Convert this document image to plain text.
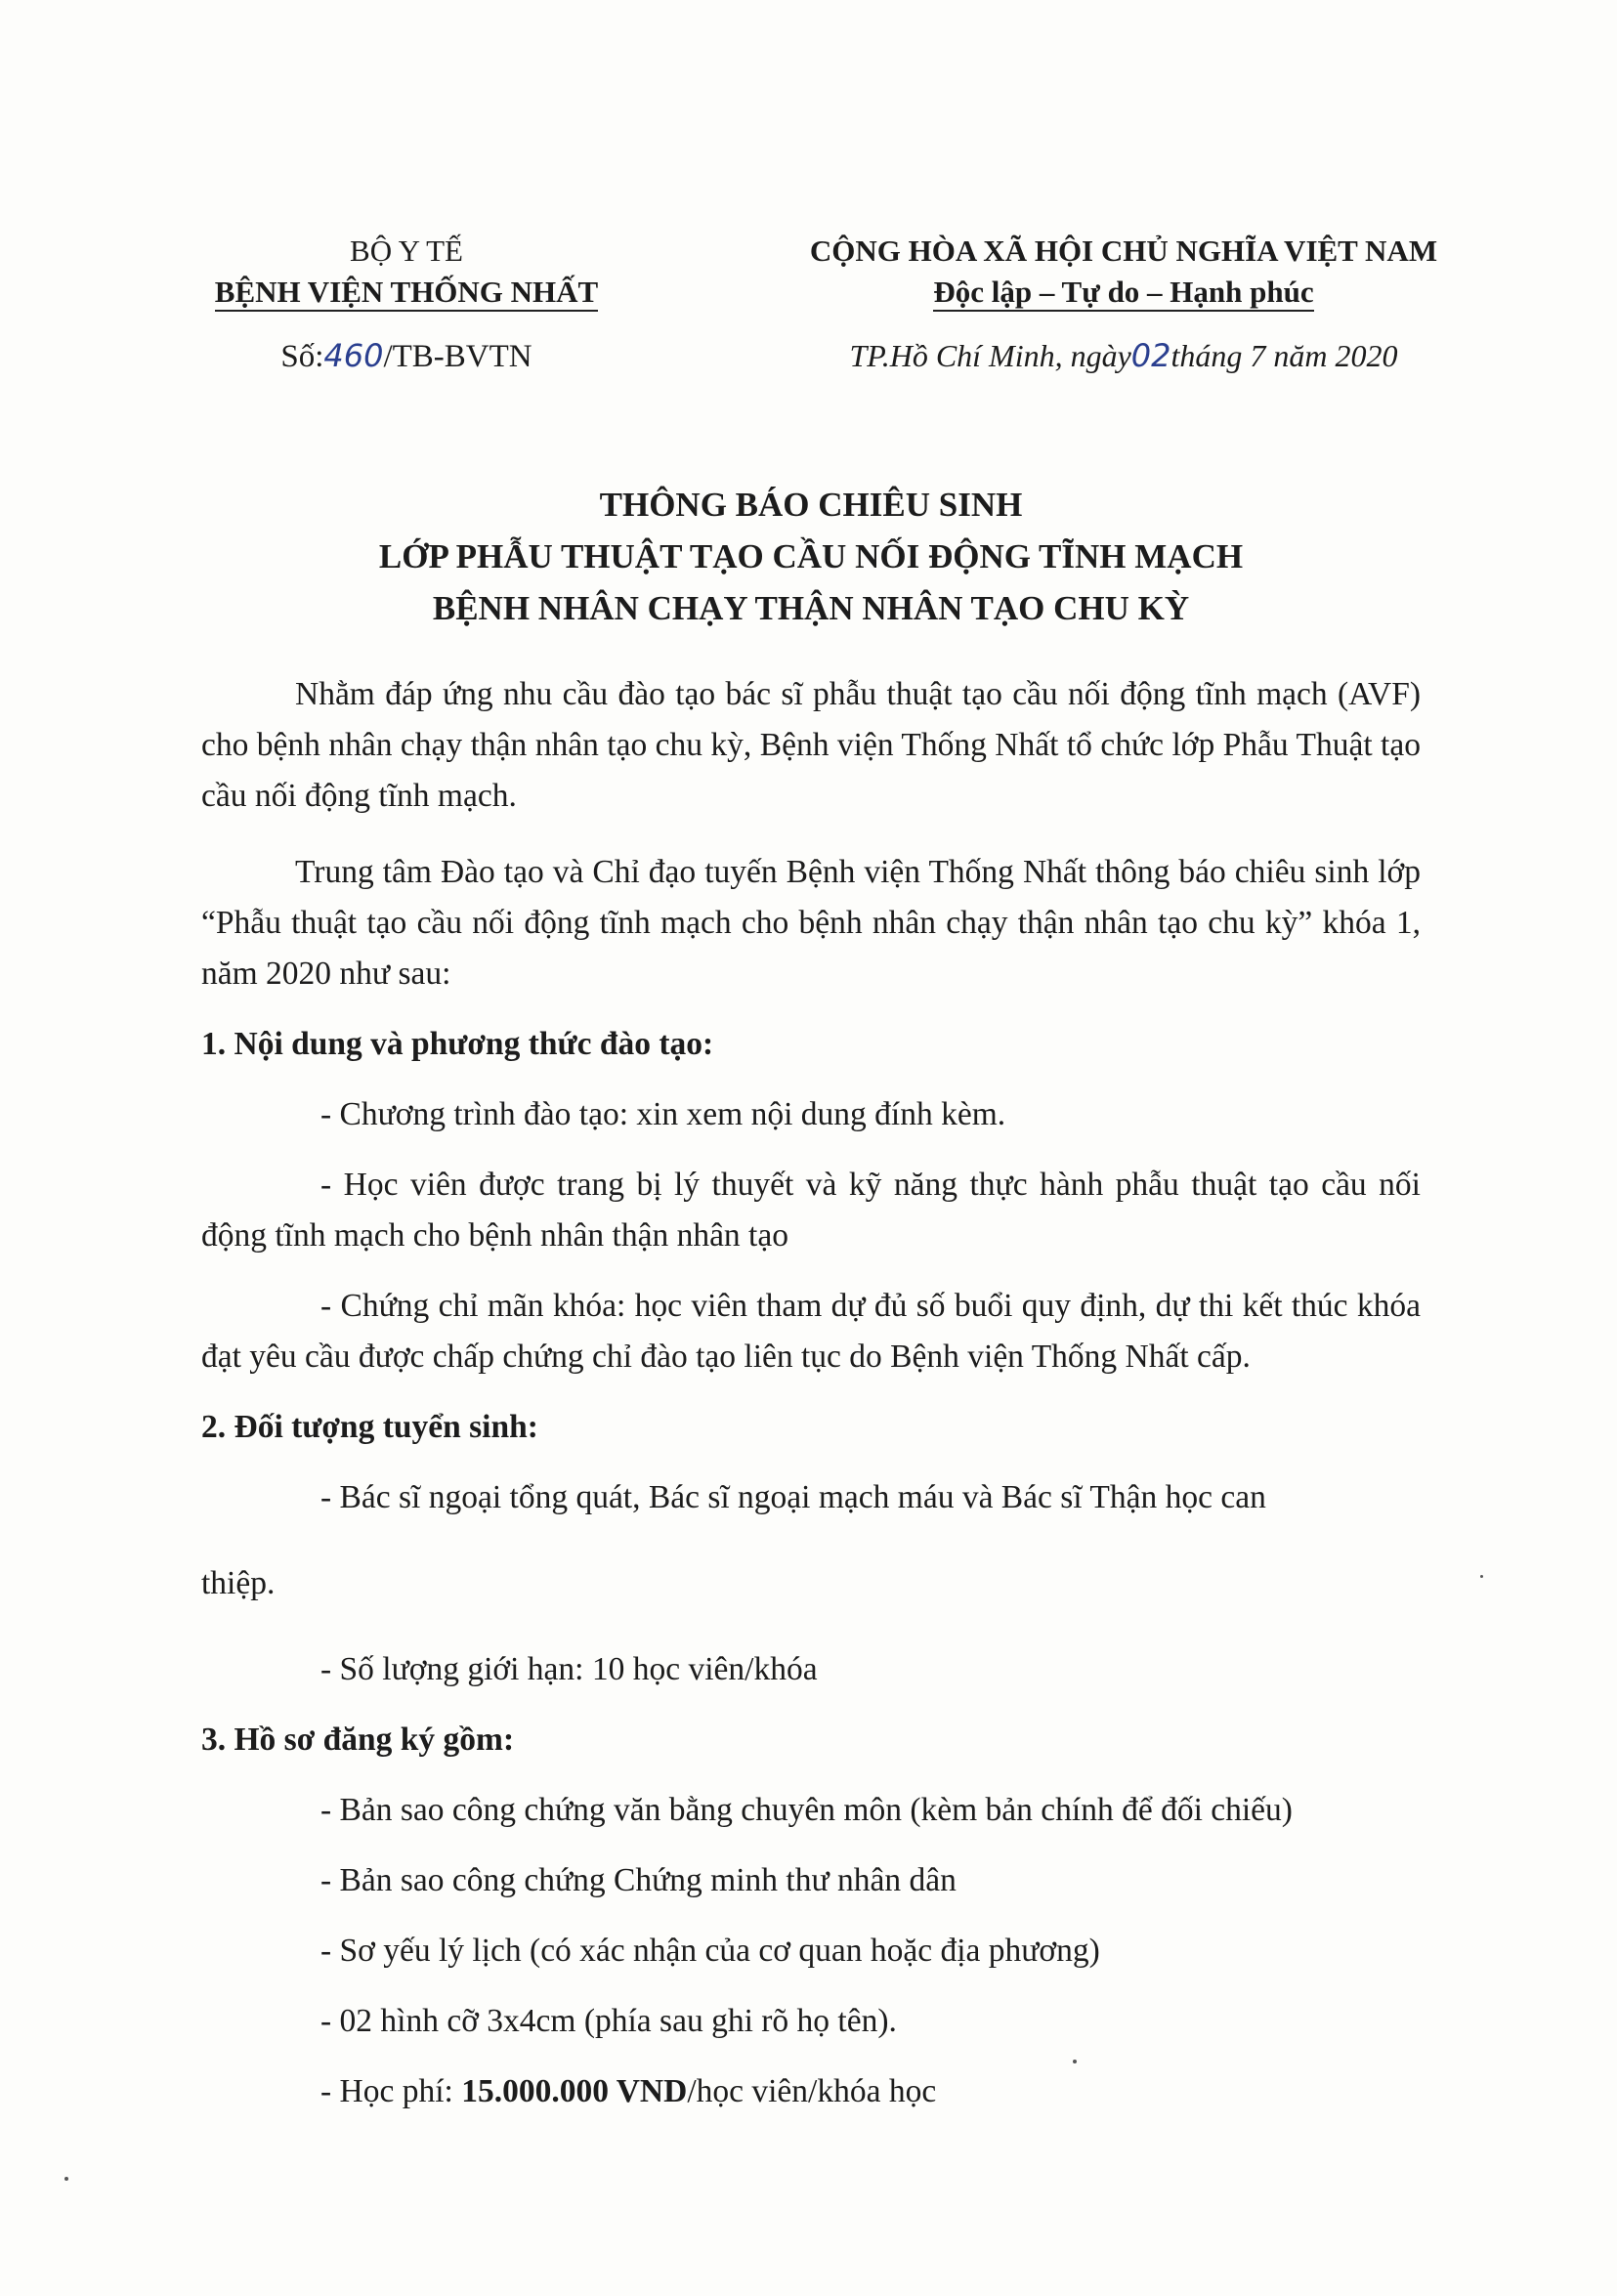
BỘ Y TẾ
BỆNH VIỆN THỐNG NHẤT
CỘNG HÒA XÃ HỘI CHỦ NGHĨA VIỆT NAM
Độc lập – Tự do – Hạnh phúc
Số:460/TB-BVTN	TP.Hồ Chí Minh, ngày02tháng 7 năm 2020
THÔNG BÁO CHIÊU SINH
LỚP PHẪU THUẬT TẠO CẦU NỐI ĐỘNG TĨNH MẠCH
BỆNH NHÂN CHẠY THẬN NHÂN TẠO CHU KỲ

Nhằm đáp ứng nhu cầu đào tạo bác sĩ phẫu thuật tạo cầu nối động tĩnh mạch (AVF) cho bệnh nhân chạy thận nhân tạo chu kỳ, Bệnh viện Thống Nhất tổ chức lớp Phẫu Thuật tạo cầu nối động tĩnh mạch.

Trung tâm Đào tạo và Chỉ đạo tuyến Bệnh viện Thống Nhất thông báo chiêu sinh lớp “Phẫu thuật tạo cầu nối động tĩnh mạch cho bệnh nhân chạy thận nhân tạo chu kỳ” khóa 1, năm 2020 như sau:

1. Nội dung và phương thức đào tạo:

- Chương trình đào tạo: xin xem nội dung đính kèm.

- Học viên được trang bị lý thuyết và kỹ năng thực hành phẫu thuật tạo cầu nối động tĩnh mạch cho bệnh nhân thận nhân tạo

- Chứng chỉ mãn khóa: học viên tham dự đủ số buổi quy định, dự thi kết thúc khóa đạt yêu cầu được chấp chứng chỉ đào tạo liên tục do Bệnh viện Thống Nhất cấp.

2. Đối tượng tuyển sinh:

- Bác sĩ ngoại tổng quát, Bác sĩ ngoại mạch máu và Bác sĩ Thận học can

thiệp.

- Số lượng giới hạn: 10 học viên/khóa

3. Hồ sơ đăng ký gồm:

- Bản sao công chứng văn bằng chuyên môn (kèm bản chính để đối chiếu)

- Bản sao công chứng Chứng minh thư nhân dân

- Sơ yếu lý lịch (có xác nhận của cơ quan hoặc địa phương)

- 02 hình cỡ 3x4cm (phía sau ghi rõ họ tên).

- Học phí: 15.000.000 VND/học viên/khóa học
